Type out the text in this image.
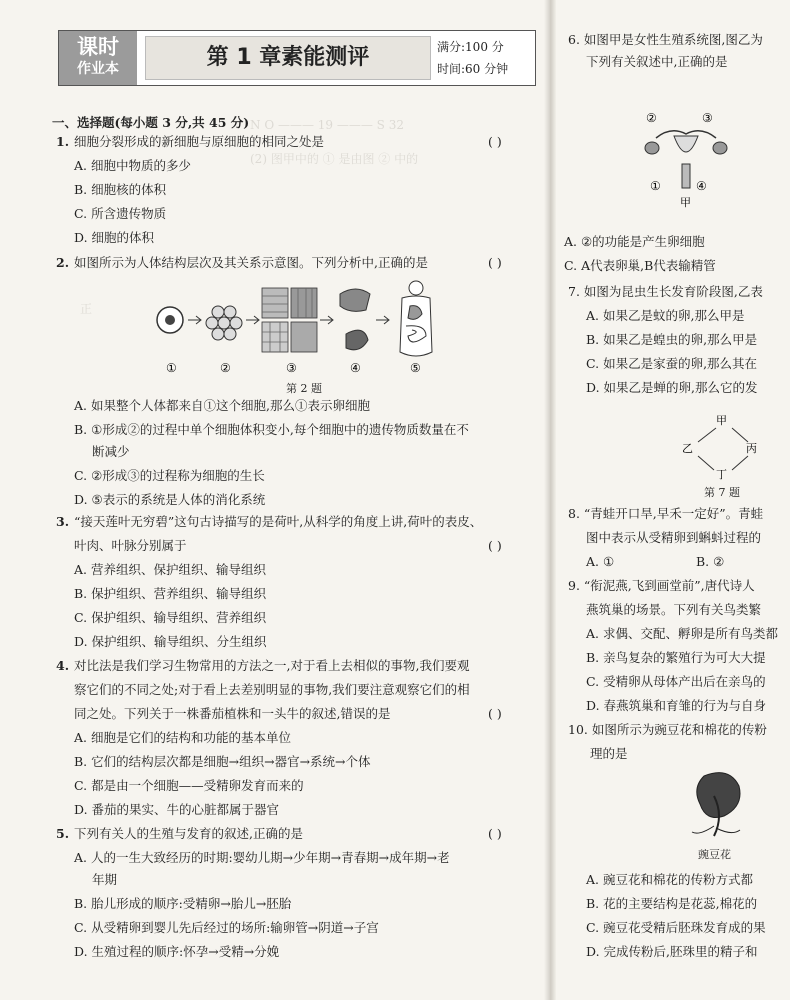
N O ——— 19 ——— S 32
(2) 图甲中的 ① 是由图 ② 中的
正
课时
作业本	第 1 章素能测评	满分:100 分
时间:60 分钟
一、选择题(每小题 3 分,共 45 分)
1. 细胞分裂形成的新细胞与原细胞的相同之处是	( )
A. 细胞中物质的多少
B. 细胞核的体积
C. 所含遗传物质
D. 细胞的体积
2. 如图所示为人体结构层次及其关系示意图。下列分析中,正确的是	( )
①	②	③	④	⑤
第 2 题
A. 如果整个人体都来自①这个细胞,那么①表示卵细胞
B. ①形成②的过程中单个细胞体积变小,每个细胞中的遗传物质数量在不
断减少
C. ②形成③的过程称为细胞的生长
D. ⑤表示的系统是人体的消化系统
3. “接天莲叶无穷碧”这句古诗描写的是荷叶,从科学的角度上讲,荷叶的表皮、
叶肉、叶脉分别属于	( )
A. 营养组织、保护组织、输导组织
B. 保护组织、营养组织、输导组织
C. 保护组织、输导组织、营养组织
D. 保护组织、输导组织、分生组织
4. 对比法是我们学习生物常用的方法之一,对于看上去相似的事物,我们要观
察它们的不同之处;对于看上去差别明显的事物,我们要注意观察它们的相
同之处。下列关于一株番茄植株和一头牛的叙述,错误的是	( )
A. 细胞是它们的结构和功能的基本单位
B. 它们的结构层次都是细胞→组织→器官→系统→个体
C. 都是由一个细胞——受精卵发育而来的
D. 番茄的果实、牛的心脏都属于器官
5. 下列有关人的生殖与发育的叙述,正确的是	( )
A. 人的一生大致经历的时期:婴幼儿期→少年期→青春期→成年期→老
年期
B. 胎儿形成的顺序:受精卵→胎儿→胚胎
C. 从受精卵到婴儿先后经过的场所:输卵管→阴道→子宫
D. 生殖过程的顺序:怀孕→受精→分娩
6. 如图甲是女性生殖系统图,图乙为
下列有关叙述中,正确的是
②	③
①	④
甲
A. ②的功能是产生卵细胞
C. A代表卵巢,B代表输精管
7. 如图为昆虫生长发育阶段图,乙表
A. 如果乙是蚊的卵,那么甲是
B. 如果乙是蝗虫的卵,那么甲是
C. 如果乙是家蚕的卵,那么其在
D. 如果乙是蝉的卵,那么它的发
甲
乙	丙
丁
第 7 题
8. “青蛙开口旱,早禾一定好”。青蛙
图中表示从受精卵到蝌蚪过程的
A. ①	B. ②
9. “衔泥燕,飞到画堂前”,唐代诗人
燕筑巢的场景。下列有关鸟类繁
A. 求偶、交配、孵卵是所有鸟类都
B. 亲鸟复杂的繁殖行为可大大提
C. 受精卵从母体产出后在亲鸟的
D. 春燕筑巢和育雏的行为与自身
10. 如图所示为豌豆花和棉花的传粉
理的是
豌豆花
A. 豌豆花和棉花的传粉方式都
B. 花的主要结构是花蕊,棉花的
C. 豌豆花受精后胚珠发育成的果
D. 完成传粉后,胚珠里的精子和
